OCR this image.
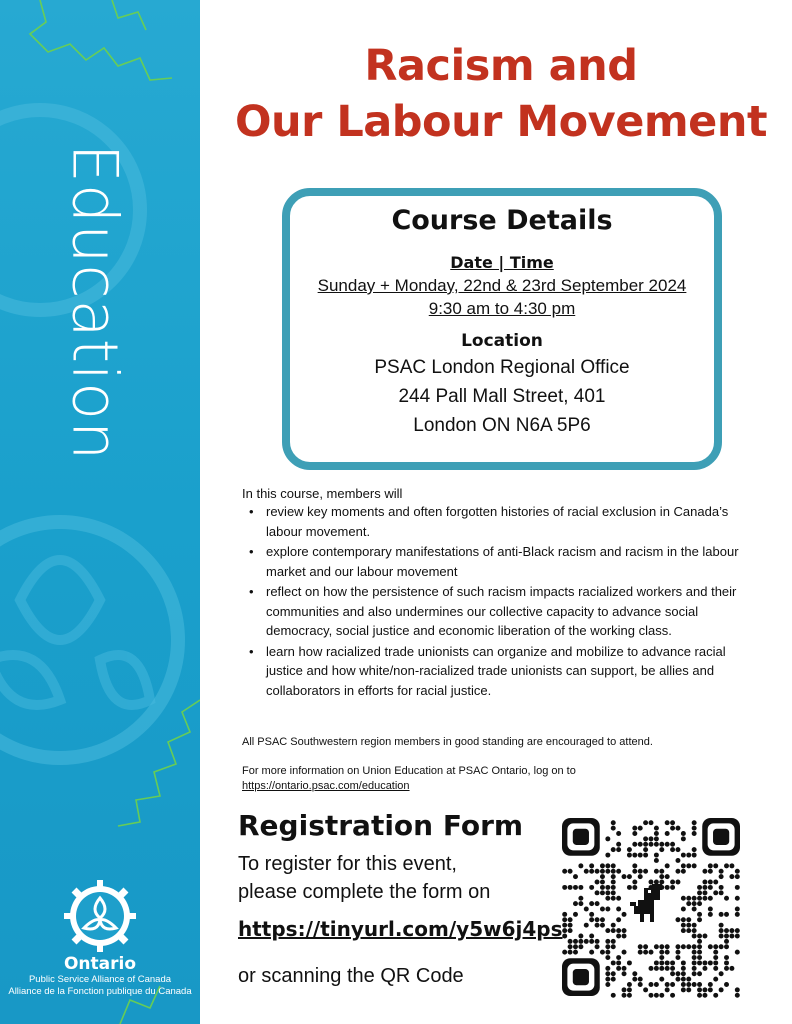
Education
Ontario
Public Service Alliance of Canada
Alliance de la Fonction publique du Canada
Racism and
Our Labour Movement
Course Details
Date | Time
Sunday + Monday, 22nd & 23rd September 2024
9:30 am to 4:30 pm
Location
PSAC London Regional Office
244 Pall Mall Street, 401
London ON N6A 5P6
In this course, members will
• review key moments and often forgotten histories of racial exclusion in Canada’s labour movement.
• explore contemporary manifestations of anti-Black racism and racism in the labour market and our labour movement
• reflect on how the persistence of such racism impacts racialized workers and their communities and also undermines our collective capacity to advance social democracy, social justice and economic liberation of the working class.
• learn how racialized trade unionists can organize and mobilize to advance racial justice and how white/non-racialized trade unionists can support, be allies and collaborators in efforts for racial justice.
All PSAC Southwestern region members in good standing are encouraged to attend.
For more information on Union Education at PSAC Ontario, log on to
https://ontario.psac.com/education
Registration Form
To register for this event,
please complete the form on
https://tinyurl.com/y5w6j4ps
or scanning the QR Code
